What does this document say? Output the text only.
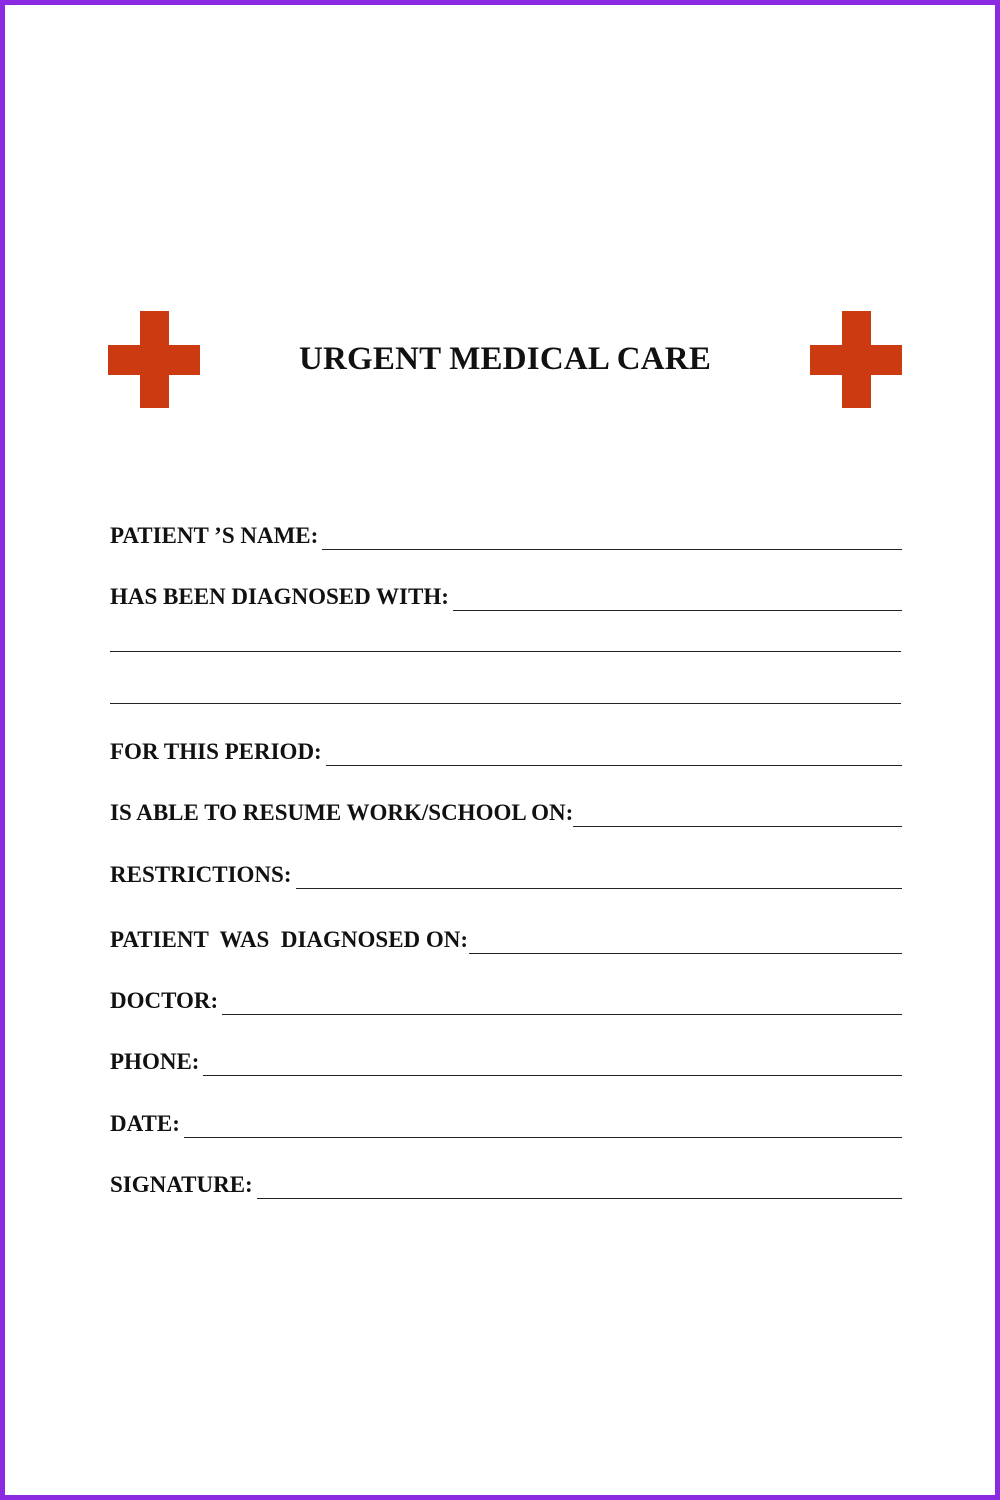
URGENT MEDICAL CARE
PATIENT ’S NAME:
HAS BEEN DIAGNOSED WITH:
FOR THIS PERIOD:
IS ABLE TO RESUME WORK/SCHOOL ON:
RESTRICTIONS:
PATIENT  WAS  DIAGNOSED ON:
DOCTOR:
PHONE:
DATE:
SIGNATURE:
